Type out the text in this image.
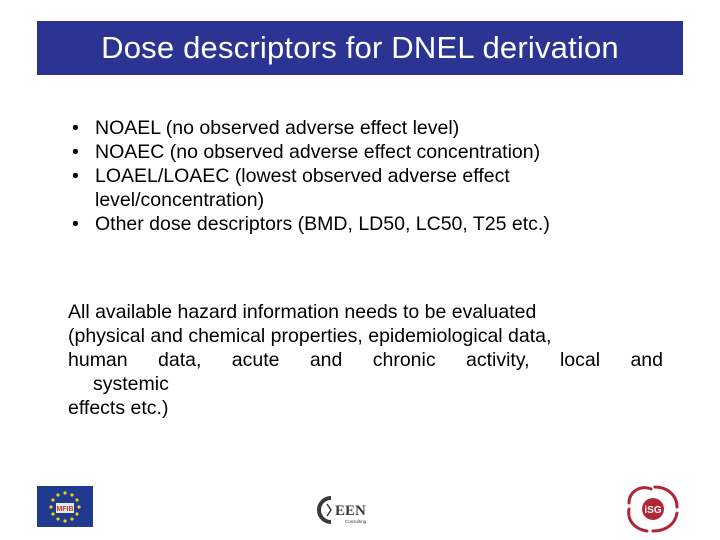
Dose descriptors for DNEL derivation
• NOAEL (no observed adverse effect level)
• NOAEC (no observed adverse effect concentration)
• LOAEL/LOAEC (lowest observed adverse effect
level/concentration)
• Other dose descriptors (BMD, LD50, LC50, T25 etc.)
All available hazard information needs to be evaluated
(physical and chemical properties, epidemiological data,
human data, acute and chronic activity, local and
systemic
effects etc.)
MFIB	EEN
Consulting
iSG
